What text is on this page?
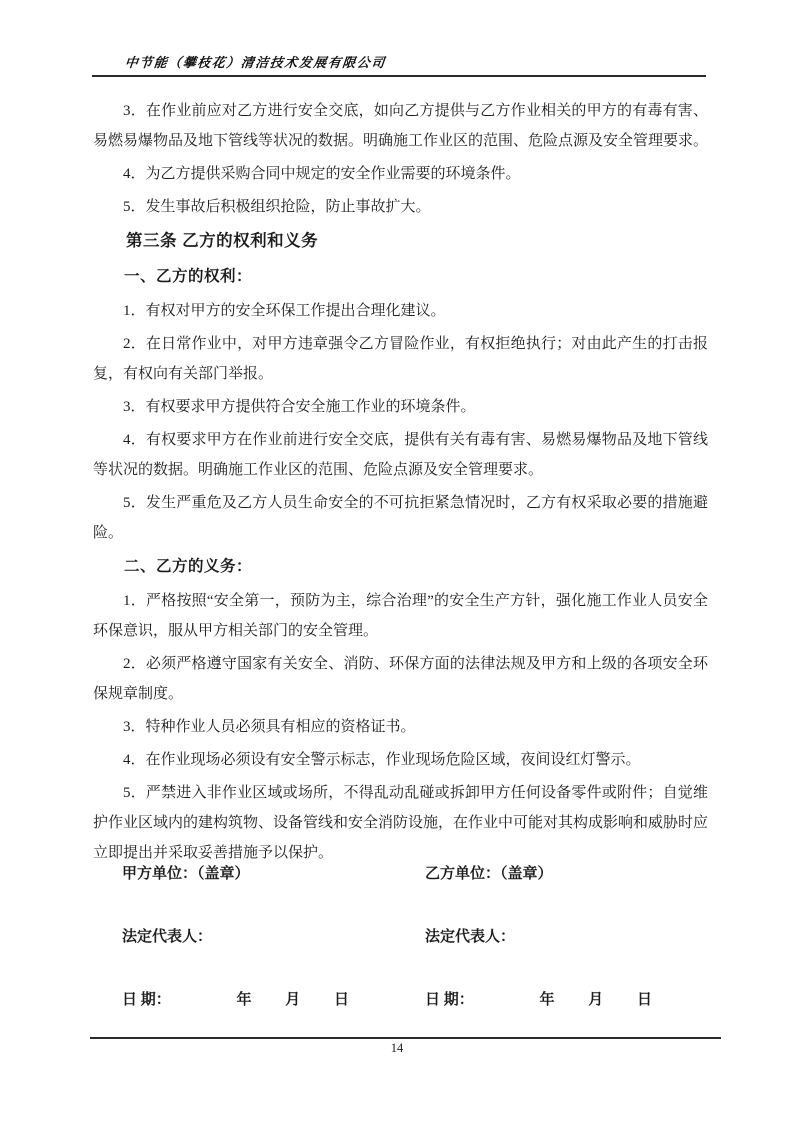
中节能（攀枝花）清洁技术发展有限公司

3．在作业前应对乙方进行安全交底，如向乙方提供与乙方作业相关的甲方的有毒有害、易燃易爆物品及地下管线等状况的数据。明确施工作业区的范围、危险点源及安全管理要求。

4．为乙方提供采购合同中规定的安全作业需要的环境条件。

5．发生事故后积极组织抢险，防止事故扩大。

第三条 乙方的权利和义务

一、乙方的权利：

1．有权对甲方的安全环保工作提出合理化建议。

2．在日常作业中，对甲方违章强令乙方冒险作业，有权拒绝执行；对由此产生的打击报复，有权向有关部门举报。

3．有权要求甲方提供符合安全施工作业的环境条件。

4．有权要求甲方在作业前进行安全交底，提供有关有毒有害、易燃易爆物品及地下管线等状况的数据。明确施工作业区的范围、危险点源及安全管理要求。

5．发生严重危及乙方人员生命安全的不可抗拒紧急情况时，乙方有权采取必要的措施避险。

二、乙方的义务：

1．严格按照“安全第一，预防为主，综合治理”的安全生产方针，强化施工作业人员安全环保意识，服从甲方相关部门的安全管理。

2．必须严格遵守国家有关安全、消防、环保方面的法律法规及甲方和上级的各项安全环保规章制度。

3．特种作业人员必须具有相应的资格证书。

4．在作业现场必须设有安全警示标志，作业现场危险区域，夜间设红灯警示。

5．严禁进入非作业区域或场所，不得乱动乱碰或拆卸甲方任何设备零件或附件；自觉维护作业区域内的建构筑物、设备管线和安全消防设施，在作业中可能对其构成影响和威胁时应立即提出并采取妥善措施予以保护。

甲方单位：（盖章）
法定代表人：
日 期：	年 月 日
乙方单位：（盖章）
法定代表人：
日 期：	年 月 日
14
